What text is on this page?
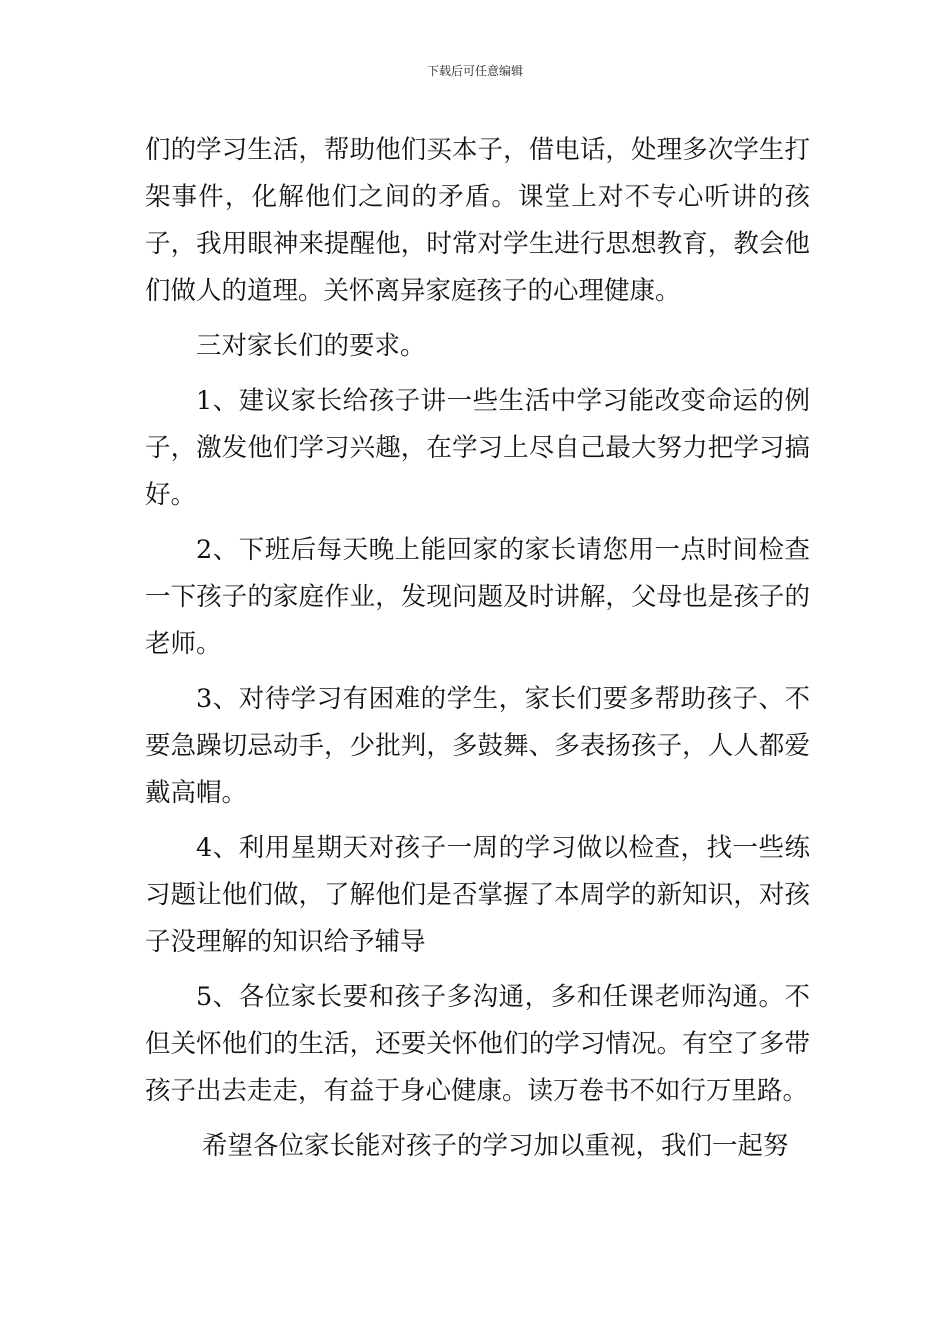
下载后可任意编辑

们的学习生活，帮助他们买本子，借电话，处理多次学生打架事件，化解他们之间的矛盾。课堂上对不专心听讲的孩子，我用眼神来提醒他，时常对学生进行思想教育，教会他们做人的道理。关怀离异家庭孩子的心理健康。

三对家长们的要求。

1、建议家长给孩子讲一些生活中学习能改变命运的例子，激发他们学习兴趣，在学习上尽自己最大努力把学习搞好。

2、下班后每天晚上能回家的家长请您用一点时间检查一下孩子的家庭作业，发现问题及时讲解，父母也是孩子的老师。

3、对待学习有困难的学生，家长们要多帮助孩子、不要急躁切忌动手，少批判，多鼓舞、多表扬孩子，人人都爱戴高帽。

4、利用星期天对孩子一周的学习做以检查，找一些练习题让他们做，了解他们是否掌握了本周学的新知识，对孩子没理解的知识给予辅导

5、各位家长要和孩子多沟通，多和任课老师沟通。不但关怀他们的生活，还要关怀他们的学习情况。有空了多带孩子出去走走，有益于身心健康。读万卷书不如行万里路。

希望各位家长能对孩子的学习加以重视，我们一起努
